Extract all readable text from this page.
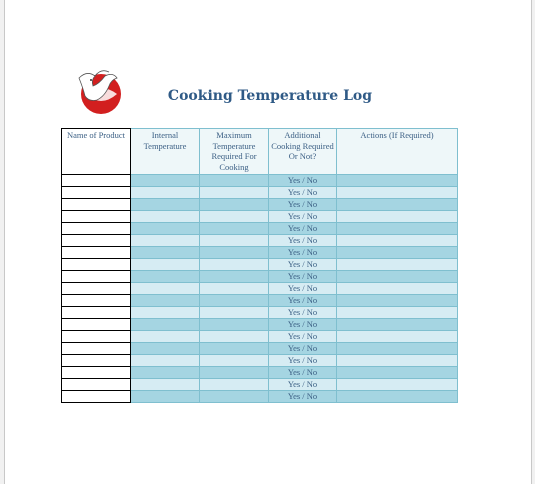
Cooking Temperature Log
Name of Product	Internal Temperature	Maximum Temperature Required For Cooking	Additional Cooking Required Or Not?	Actions (If Required)
			Yes / No	
			Yes / No	
			Yes / No	
			Yes / No	
			Yes / No	
			Yes / No	
			Yes / No	
			Yes / No	
			Yes / No	
			Yes / No	
			Yes / No	
			Yes / No	
			Yes / No	
			Yes / No	
			Yes / No	
			Yes / No	
			Yes / No	
			Yes / No	
			Yes / No	
